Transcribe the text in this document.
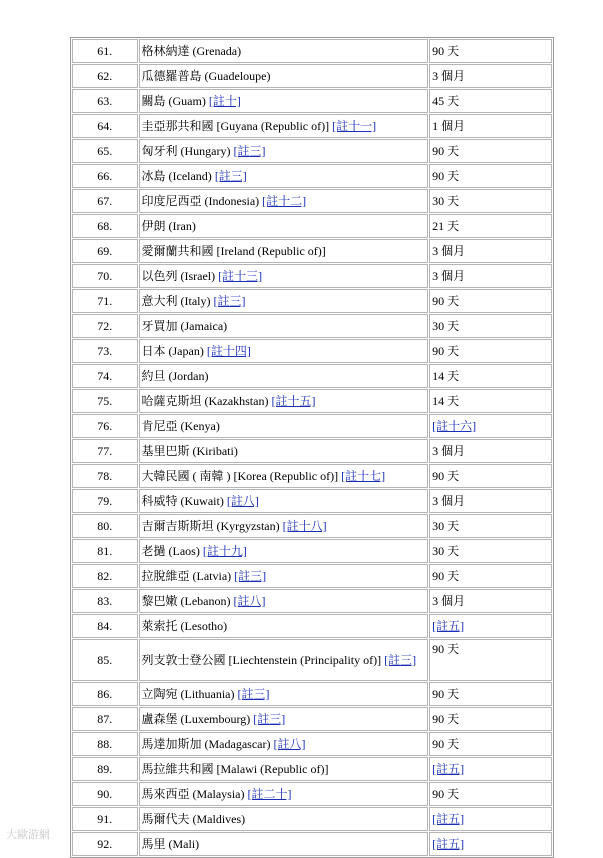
61.	格林納達 (Grenada)	90 天
62.	瓜德羅普島 (Guadeloupe)	3 個月
63.	關島 (Guam) [註十]	45 天
64.	圭亞那共和國 [Guyana (Republic of)] [註十一]	1 個月
65.	匈牙利 (Hungary) [註三]	90 天
66.	冰島 (Iceland) [註三]	90 天
67.	印度尼西亞 (Indonesia) [註十二]	30 天
68.	伊朗 (Iran)	21 天
69.	愛爾蘭共和國 [Ireland (Republic of)]	3 個月
70.	以色列 (Israel) [註十三]	3 個月
71.	意大利 (Italy) [註三]	90 天
72.	牙買加 (Jamaica)	30 天
73.	日本 (Japan) [註十四]	90 天
74.	約旦 (Jordan)	14 天
75.	哈薩克斯坦 (Kazakhstan) [註十五]	14 天
76.	肯尼亞 (Kenya)	[註十六]
77.	基里巴斯 (Kiribati)	3 個月
78.	大韓民國 ( 南韓 ) [Korea (Republic of)] [註十七]	90 天
79.	科威特 (Kuwait) [註八]	3 個月
80.	吉爾吉斯斯坦 (Kyrgyzstan) [註十八]	30 天
81.	老撾 (Laos) [註十九]	30 天
82.	拉脫維亞 (Latvia) [註三]	90 天
83.	黎巴嫩 (Lebanon) [註八]	3 個月
84.	萊索托 (Lesotho)	[註五]
85.	列支敦士登公國 [Liechtenstein (Principality of)] [註三]	90 天
86.	立陶宛 (Lithuania) [註三]	90 天
87.	盧森堡 (Luxembourg) [註三]	90 天
88.	馬達加斯加 (Madagascar) [註八]	90 天
89.	馬拉維共和國 [Malawi (Republic of)]	[註五]
90.	馬來西亞 (Malaysia) [註二十]	90 天
91.	馬爾代夫 (Maldives)	[註五]
92.	馬里 (Mali)	[註五]
大歐游網
